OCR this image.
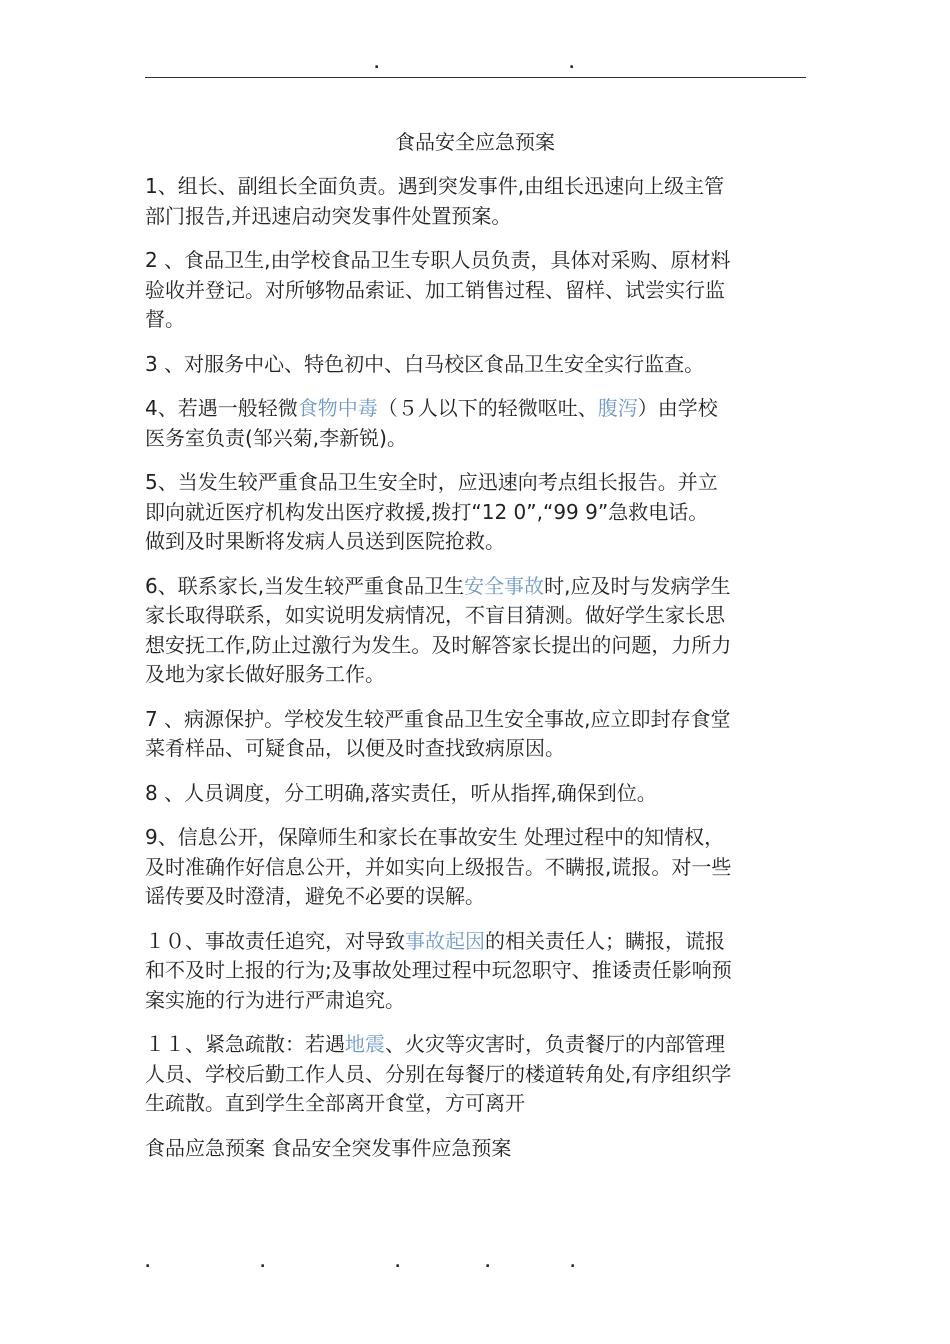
.	.
食品安全应急预案

1、组长、副组长全面负责。遇到突发事件,由组长迅速向上级主管
部门报告,并迅速启动突发事件处置预案。

2 、食品卫生,由学校食品卫生专职人员负责，具体对采购、原材料
验收并登记。对所够物品索证、加工销售过程、留样、试尝实行监
督。

3 、对服务中心、特色初中、白马校区食品卫生安全实行监查。

4、若遇一般轻微食物中毒（５人以下的轻微呕吐、腹泻）由学校
医务室负责(邹兴菊,李新锐)。

5、当发生较严重食品卫生安全时，应迅速向考点组长报告。并立
即向就近医疗机构发出医疗救援,拨打“12 0”,“99 9”急救电话。
做到及时果断将发病人员送到医院抢救。

6、联系家长,当发生较严重食品卫生安全事故时,应及时与发病学生
家长取得联系，如实说明发病情况，不盲目猜测。做好学生家长思
想安抚工作,防止过激行为发生。及时解答家长提出的问题，力所力
及地为家长做好服务工作。

7 、病源保护。学校发生较严重食品卫生安全事故,应立即封存食堂
菜肴样品、可疑食品，以便及时查找致病原因。

8 、人员调度，分工明确,落实责任，听从指挥,确保到位。

9、信息公开，保障师生和家长在事故安生 处理过程中的知情权，
及时准确作好信息公开，并如实向上级报告。不瞒报,谎报。对一些
谣传要及时澄清，避免不必要的误解。

１０、事故责任追究，对导致事故起因的相关责任人；瞒报，谎报
和不及时上报的行为;及事故处理过程中玩忽职守、推诿责任影响预
案实施的行为进行严肃追究。

１１、紧急疏散：若遇地震、火灾等灾害时，负责餐厅的内部管理
人员、学校后勤工作人员、分别在每餐厅的楼道转角处,有序组织学
生疏散。直到学生全部离开食堂，方可离开

食品应急预案 食品安全突发事件应急预案

.	.	.	.	.
